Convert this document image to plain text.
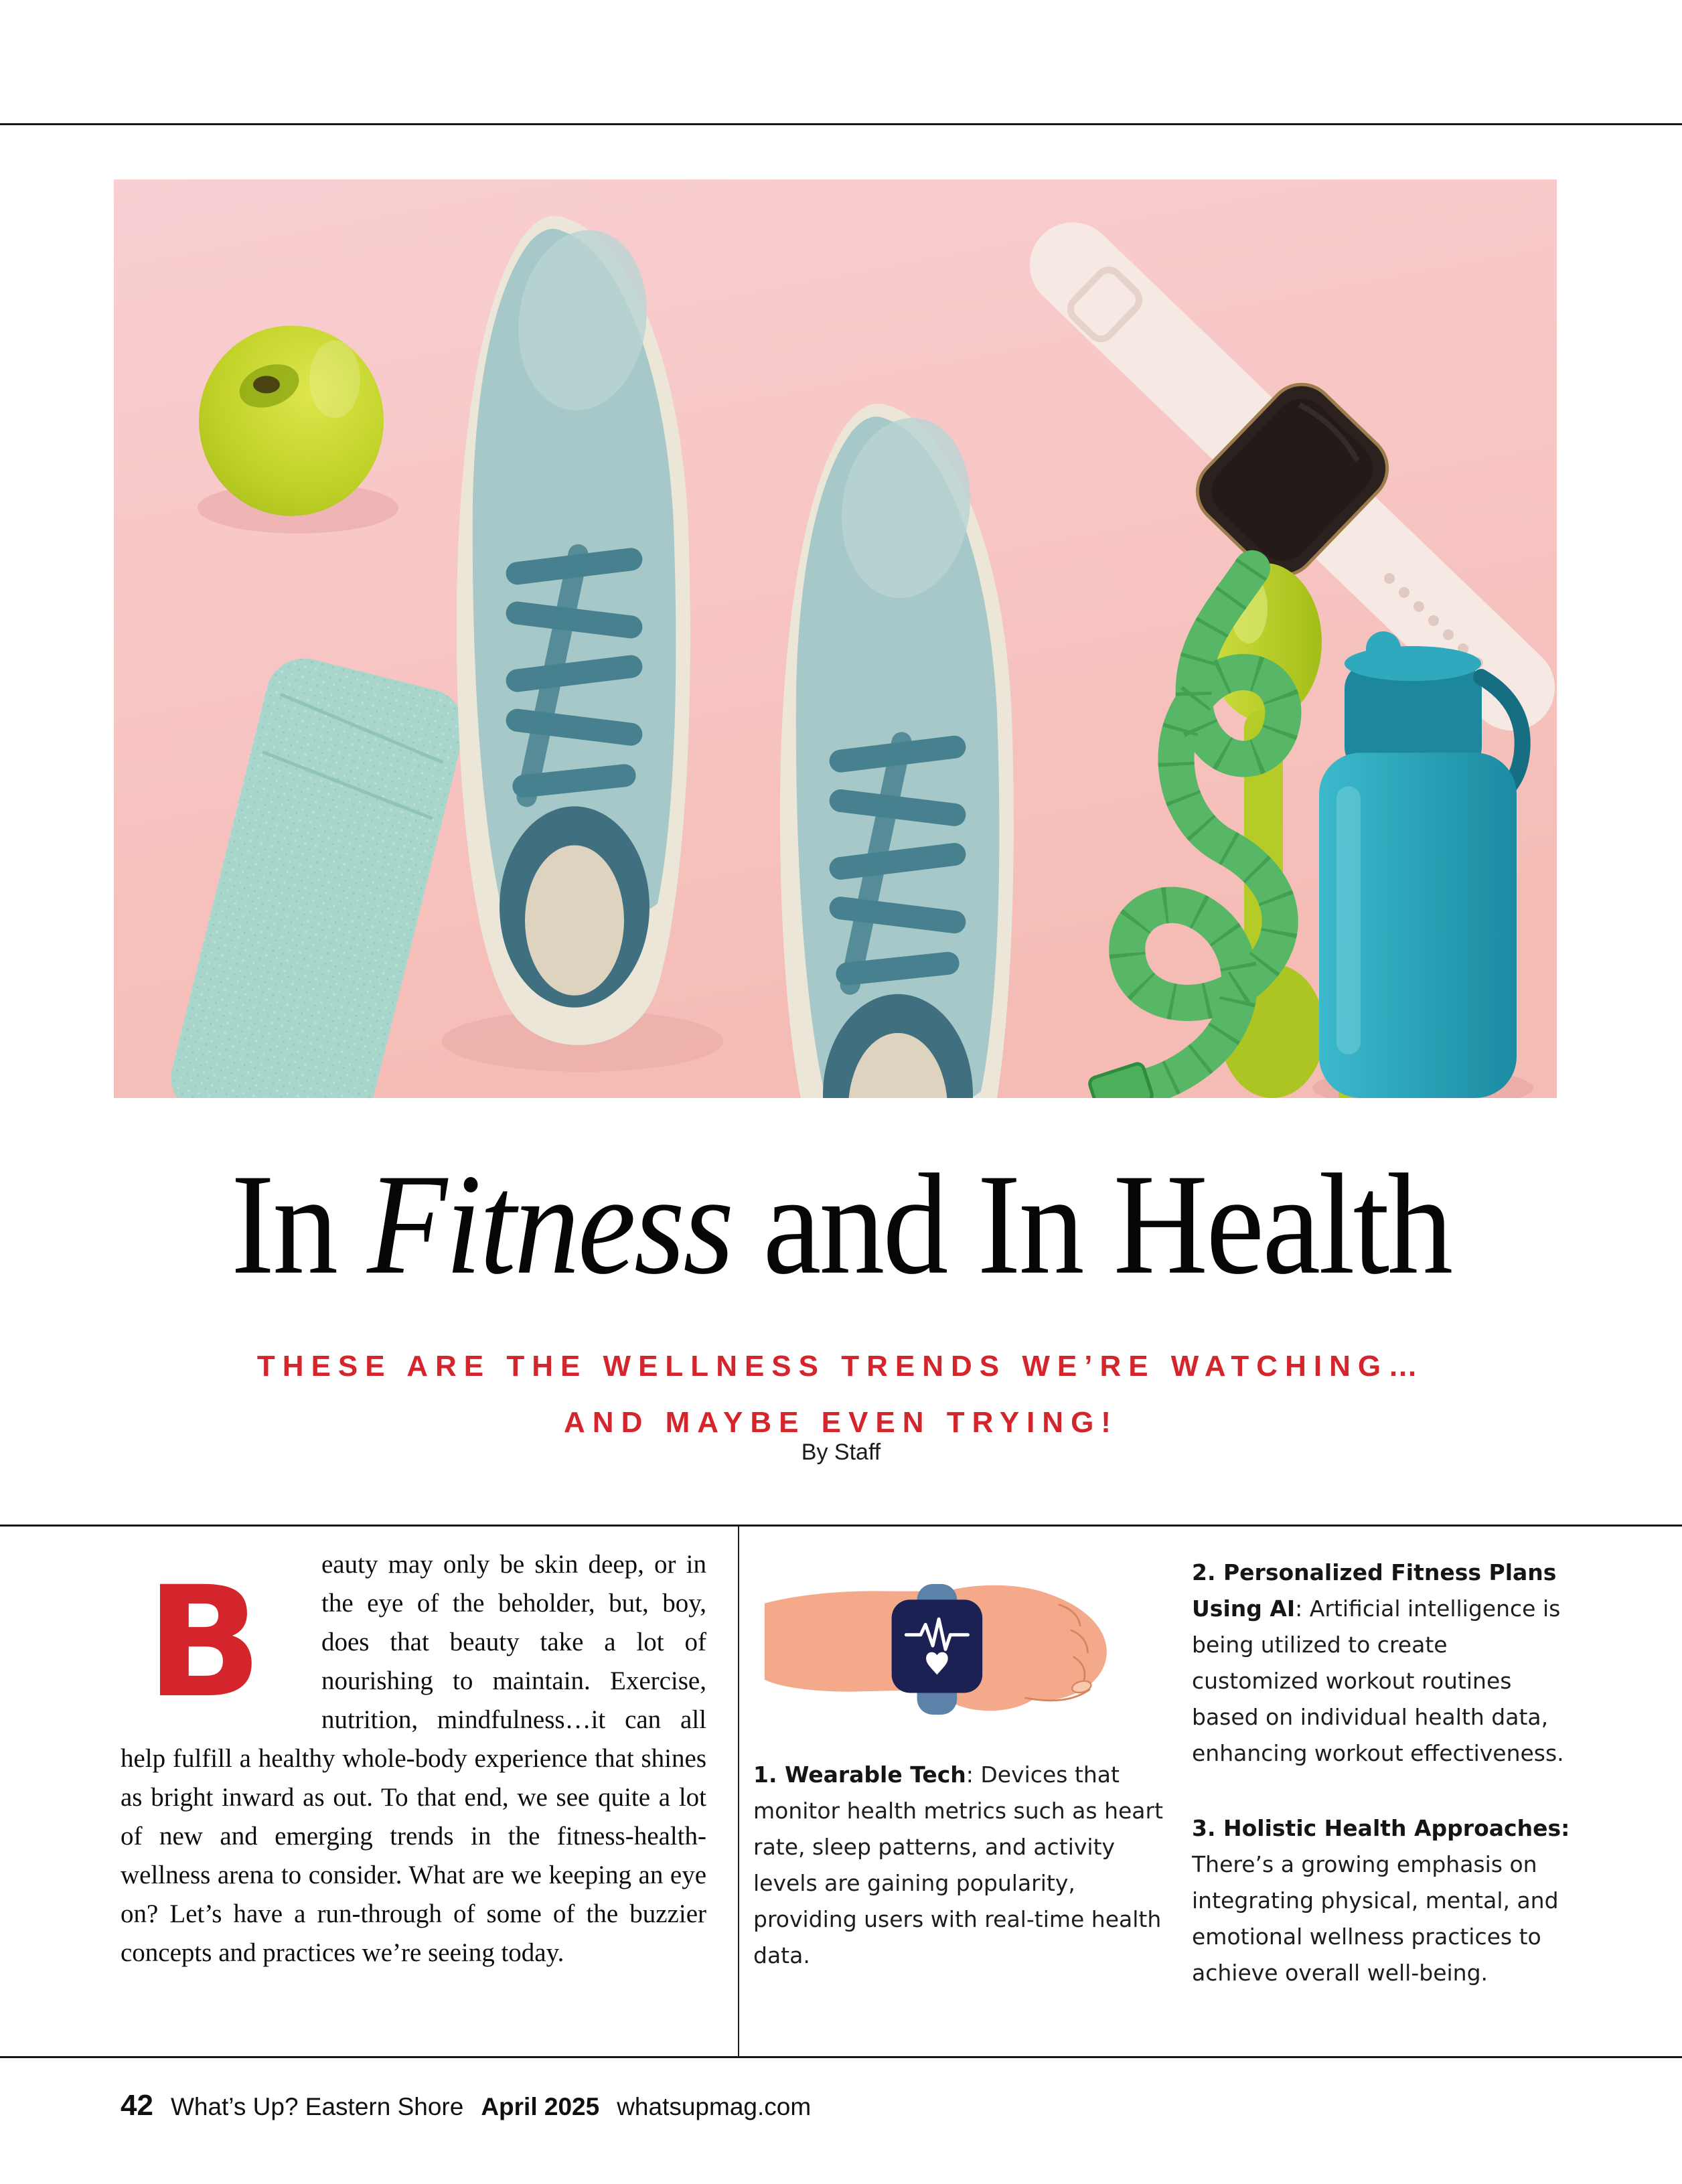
In Fitness and In Health
THESE ARE THE WELLNESS TRENDS WE’RE WATCHING…
AND MAYBE EVEN TRYING!
By Staff

B	eauty may only be skin deep, or in the eye of the beholder, but, boy, does that beauty take a lot of nourishing to maintain. Exercise, nutrition, mindfulness…it can all help fulfill a healthy whole-body experience that shines as bright inward as out. To that end, we see quite a lot of new and emerging trends in the fitness-health-wellness arena to consider. What are we keeping an eye on? Let’s have a run-through of some of the buzzier concepts and practices we’re seeing today.

1. Wearable Tech: Devices that monitor health metrics such as heart rate, sleep patterns, and activity levels are gaining popularity, providing users with real-time health data.

2. Personalized Fitness Plans Using AI: Artificial intelligence is being utilized to create customized workout routines based on individual health data, enhancing workout effectiveness.

3. Holistic Health Approaches: There’s a growing emphasis on integrating physical, mental, and emotional wellness practices to achieve overall well-being.

42 What’s Up? Eastern Shore April 2025 whatsupmag.com
